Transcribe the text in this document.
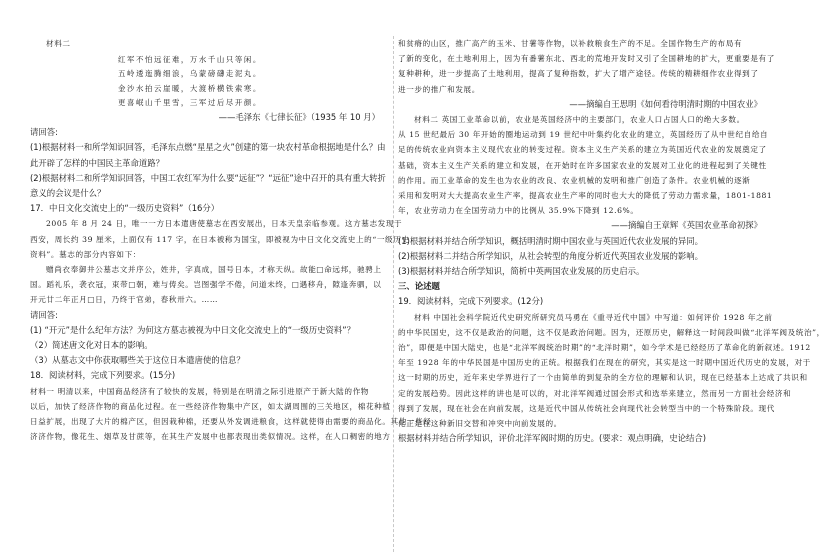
材料二
红军不怕远征难，万水千山只等闲。
五岭逶迤腾细浪，乌蒙磅礴走泥丸。
金沙水拍云崖暖，大渡桥横铁索寒。
更喜岷山千里雪，三军过后尽开颜。
——毛泽东《七律长征》（1935 年 10 月）
请回答:
(1)根据材料一和所学知识回答，毛泽东点燃“星星之火”创建的第一块农村革命根据地是什么？由
此开辟了怎样的中国民主革命道路？
(2)根据材料二和所学知识回答，中国工农红军为什么要“远征”？“远征”途中召开的具有重大转折
意义的会议是什么？
17．中日文化交流史上的“一级历史资料”（16分）
2005 年 8 月 24 日，唯一一方日本遣唐使墓志在西安展出，日本天皇亲临参观。这方墓志发现于
西安，周长约 39 厘米，上面仅有 117 字，在日本被称为国宝，即被视为中日文化交流史上的“一级历史
资料”。墓志的部分内容如下：
赠尚衣奉御井公墓志文并序公，姓井，字真成，国号日本，才称天纵。故能□命远邦，驰骋上
国。蹈礼乐，袭衣冠，束带□朝，难与俦矣。岂图强学不倦，问道未终，□遇移舟，隙逢奔驷，以
开元廿二年正月□日，乃终于官弟，春秋卅六。……
请回答:
(1) “开元”是什么纪年方法？为何这方墓志被视为中日文化交流史上的“一级历史资料”？
（2）简述唐文化对日本的影响。
（3）从墓志文中你获取哪些关于这位日本遣唐使的信息？
18．阅读材料，完成下列要求。(15分)
材料一 明清以来，中国商品经济有了较快的发展，特别是在明清之际引进原产于新大陆的作物
以后，加快了经济作物的商品化过程。在一些经济作物集中产区，如太湖周围的三关地区，棉花种植
日益扩展，出现了大片的棉产区，但因栽种棉，还要从外发调进粮食，这样就使得由需要的商品化。其他一些经
济济作物，像花生、烟草及甘蔗等，在其生产发展中也都表现出类似情况。这样，在人口稠密的地方
和贫瘠的山区，推广高产的玉米、甘薯等作物，以补救粮食生产的不足。全国作物生产的布局有
了新的变化，在土地利用上，因为有番薯东北、西北的荒地开发时又引了全国耕地的扩大，更重要是有了
复种耕种，进一步提高了土地利用，提高了复种指数，扩大了增产途径。传统的精耕细作农业得到了
进一步的推广和发展。
——摘编自王思明《如何看待明清时期的中国农业》
材料二 英国工业革命以前，农业是英国经济中的主要部门，农业人口占国人口的绝大多数。
从 15 世纪最后 30 年开始的圈地运动到 19 世纪中叶集约化农业的建立，英国经历了从中世纪自给自
足的传统农业向资本主义现代农业的转变过程。资本主义生产关系的建立为英国近代农业的发展奠定了
基础，资本主义生产关系的建立和发展，在开始时在许多国家农业的发展对工业化的进程起到了关键性
的作用。而工业革命的发生也为农业的改良、农业机械的发明和推广创造了条件。农业机械的逐渐
采用和发明对大大提高农业生产率，提高农业生产率的同时也大大的降低了劳动力需求量，1801-1881
年，农业劳动力在全国劳动力中的比例从 35.9%下降到 12.6%。
——摘编自王章辉《英国农业革命初探》
(1)根据材料并结合所学知识，概括明清时期中国农业与英国近代农业发展的异同。
(2)根据材料二并结合所学知识，从社会转型的角度分析近代英国农业发展的影响。
(3)根据材料并结合所学知识，简析中英两国农业发展的历史启示。
三、论述题
19．阅读材料，完成下列要求。(12分)
材料 中国社会科学院近代史研究所研究员马勇在《重寻近代中国》中写道：如何评价 1928 年之前
的中华民国史，这不仅是政治的问题，这不仅是政治问题。因为，还原历史，解释这一时间段叫做“北洋军阀及统治”，
治”，即便是中国大陆史，也是“北洋军阀统治时期”的“北洋时期”，如今学术是已经经历了革命化的新叙述。1912
年至 1928 年的中华民国是中国历史的正统。根据我们在现在的研究，其实是这一时期中国近代历史的发展，对于
这一时期的历史，近年来史学界进行了一个由简单的到复杂的全方位的理解和认识，现在已经基本上达成了共识和
定的发展趋势。因此这样的讲也是可以的，对北洋军阀通过国会形式和选举来建立，然而另一方面社会经济和
得到了发展，现在社会在向前发展，这是近代中国从传统社会向现代社会转型当中的一个特殊阶段。现代
化正是在这种新旧交替和冲突中向前发展的。
根据材料并结合所学知识，评价北洋军阀时期的历史。(要求：观点明确，史论结合)
